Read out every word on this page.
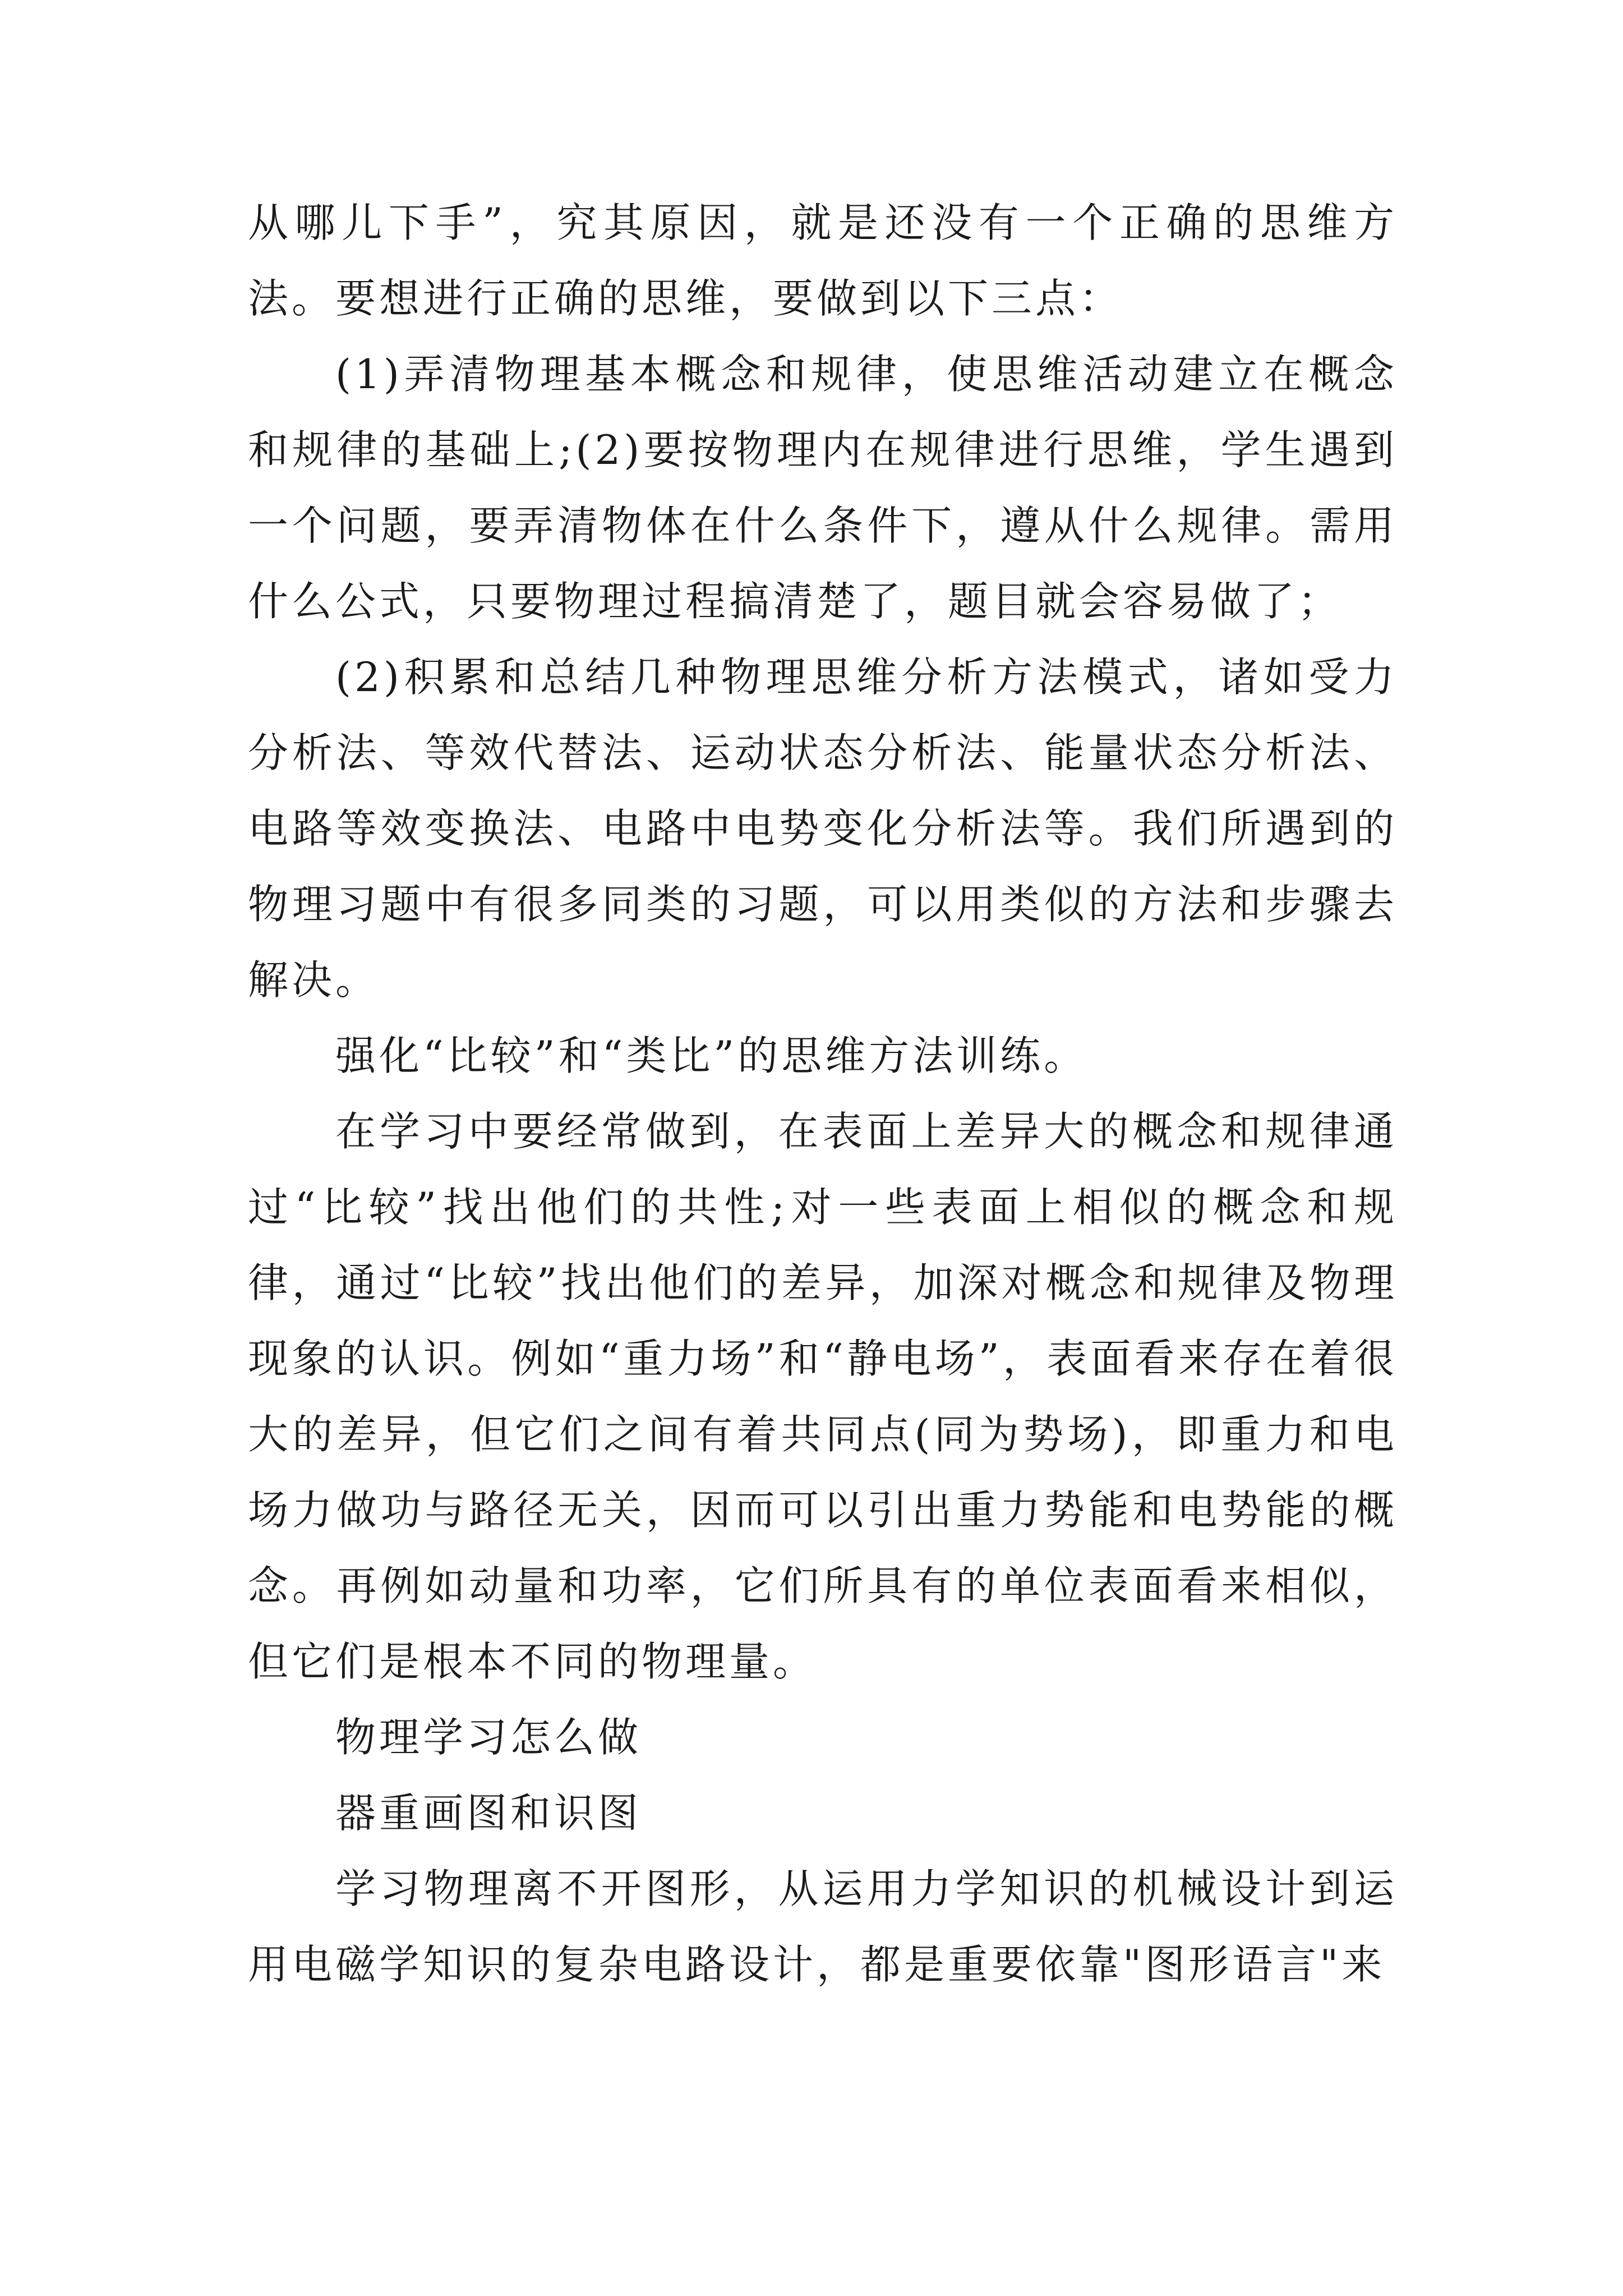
从哪儿下手”，究其原因，就是还没有一个正确的思维方法。要想进行正确的思维，要做到以下三点：

(1)弄清物理基本概念和规律，使思维活动建立在概念和规律的基础上;(2)要按物理内在规律进行思维，学生遇到一个问题，要弄清物体在什么条件下，遵从什么规律。需用什么公式，只要物理过程搞清楚了，题目就会容易做了；

(2)积累和总结几种物理思维分析方法模式，诸如受力分析法、等效代替法、运动状态分析法、能量状态分析法、电路等效变换法、电路中电势变化分析法等。我们所遇到的物理习题中有很多同类的习题，可以用类似的方法和步骤去解决。

强化“比较”和“类比”的思维方法训练。

在学习中要经常做到，在表面上差异大的概念和规律通过“比较”找出他们的共性;对一些表面上相似的概念和规律，通过“比较”找出他们的差异，加深对概念和规律及物理现象的认识。例如“重力场”和“静电场”，表面看来存在着很大的差异，但它们之间有着共同点(同为势场)，即重力和电场力做功与路径无关，因而可以引出重力势能和电势能的概念。再例如动量和功率，它们所具有的单位表面看来相似，但它们是根本不同的物理量。

物理学习怎么做

器重画图和识图

学习物理离不开图形，从运用力学知识的机械设计到运用电磁学知识的复杂电路设计，都是重要依靠"图形语言"来
